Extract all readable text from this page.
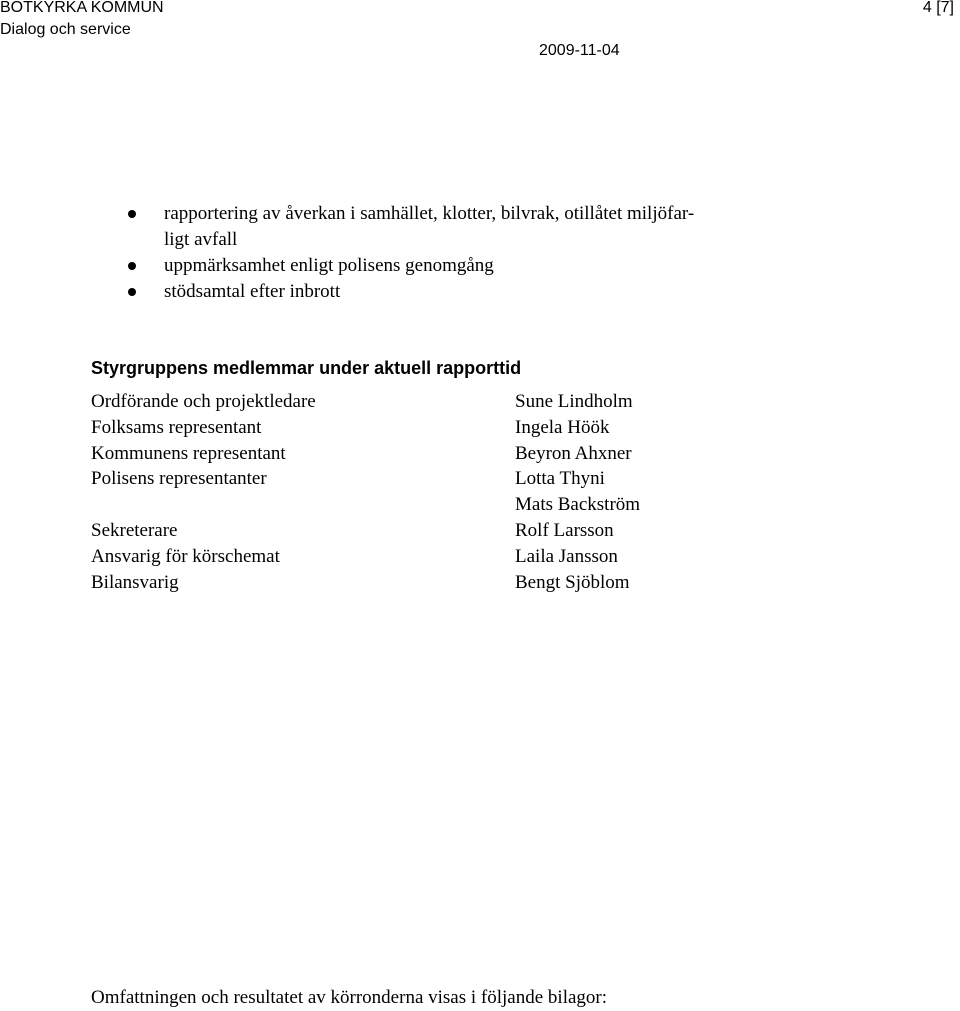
BOTKYRKA KOMMUN
Dialog och service
4 [7]
2009-11-04
rapportering av åverkan i samhället, klotter, bilvrak, otillåtet miljöfar-
ligt avfall
uppmärksamhet enligt polisens genomgång
stödsamtal efter inbrott
Styrgruppens medlemmar under aktuell rapporttid
Ordförande och projektledare	Sune Lindholm
Folksams representant	Ingela Höök
Kommunens representant	Beyron Ahxner
Polisens representanter	Lotta Thyni
Mats Backström
Sekreterare	Rolf Larsson
Ansvarig för körschemat	Laila Jansson
Bilansvarig	Bengt Sjöblom
Omfattningen och resultatet av körronderna visas i följande bilagor:
